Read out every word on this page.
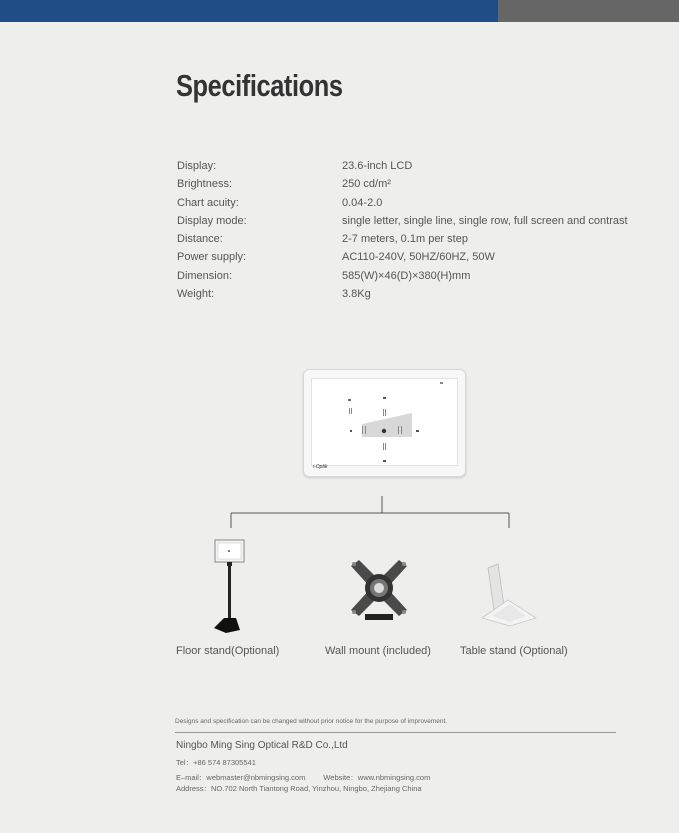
Specifications
Display:	23.6-inch LCD
Brightness:	250 cd/m²
Chart acuity:	0.04-2.0
Display mode:	single letter, single line, single row, full screen and contrast
Distance:	2-7 meters, 0.1m per step
Power supply:	AC110-240V, 50HZ/60HZ, 50W
Dimension:	585(W)×46(D)×380(H)mm
Weight:	3.8Kg
i-Optik
Floor stand(Optional)	Wall mount (included)	Table stand (Optional)
Designs and specification can be changed without prior notice for the purpose of improvement.
Ningbo Ming Sing Optical R&D Co.,Ltd
Tel：+86 574 87305541
E–mail：webmaster@nbmingsing.com Website：www.nbmingsing.com
Address：NO.702 North Tiantong Road, Yinzhou, Ningbo, Zhejiang China
